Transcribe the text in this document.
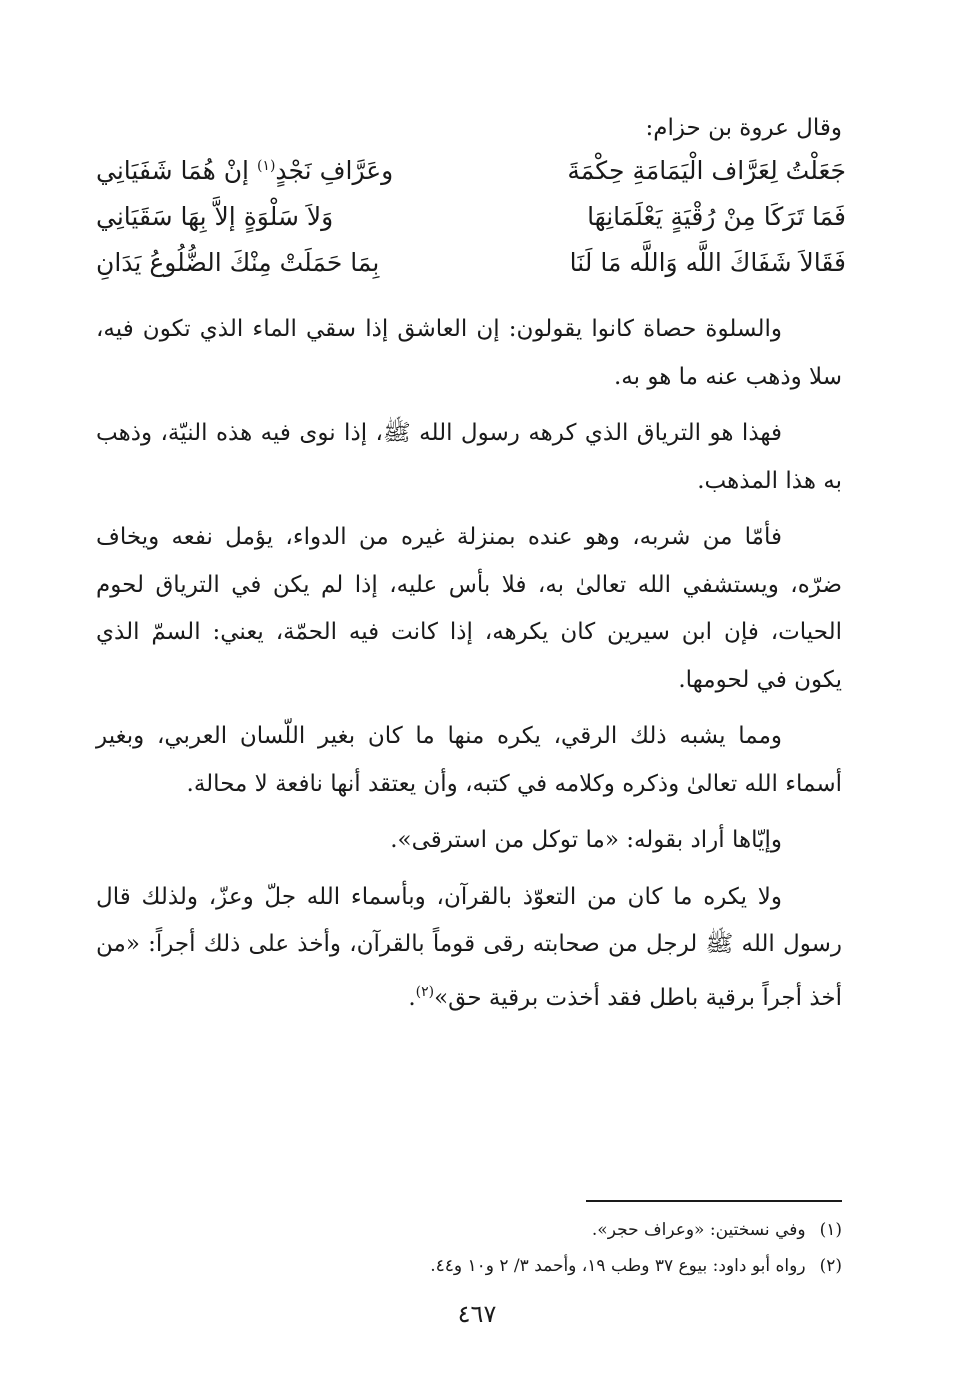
وقال عروة بن حزام:
جَعَلْتُ لِعَرَّاف الْيَمَامَةِ حِكْمَةَ
وعَرَّافِ نَجْدٍ$^{(١)}$ إنْ هُمَا شَفَيَانِي
فَمَا تَرَكَا مِنْ رُقْيَةٍ يَعْلَمَانِهَا
وَلاَ سَلْوَةٍ إلاَّ بِهَا سَقَيَانِي
فَقَالاَ شَفَاكَ اللَّه وَاللَّه مَا لَنَا
بِمَا حَمَلَتْ مِنْكَ الضُّلُوعُ يَدَانِ

والسلوة حصاة كانوا يقولون: إن العاشق إذا سقي الماء الذي تكون فيه، سلا وذهب عنه ما هو به.

فهذا هو الترياق الذي كرهه رسول الله ﷺ، إذا نوى فيه هذه النيّة، وذهب به هذا المذهب.

فأمّا من شربه، وهو عنده بمنزلة غيره من الدواء، يؤمل نفعه ويخاف ضرّه، ويستشفي الله تعالىٰ به، فلا بأس عليه، إذا لم يكن في الترياق لحوم الحيات، فإن ابن سيرين كان يكرهه، إذا كانت فيه الحمّة، يعني: السمّ الذي يكون في لحومها.

ومما يشبه ذلك الرقي، يكره منها ما كان بغير اللّسان العربي، وبغير أسماء الله تعالىٰ وذكره وكلامه في كتبه، وأن يعتقد أنها نافعة لا محالة.

وإيّاها أراد بقوله: «ما توكل من استرقى».

ولا يكره ما كان من التعوّذ بالقرآن، وبأسماء الله جلّ وعزّ، ولذلك قال رسول الله ﷺ لرجل من صحابته رقى قوماً بالقرآن، وأخذ على ذلك أجراً: «من أخذ أجراً برقية باطل فقد أخذت برقية حق»$^{(٢)}$.

(١)وفي نسختين: «وعراف حجر».
(٢)رواه أبو داود: بيوع ٣٧ وطب ١٩، وأحمد ٣/ ٢ و١٠ و٤٤.
٤٦٧
